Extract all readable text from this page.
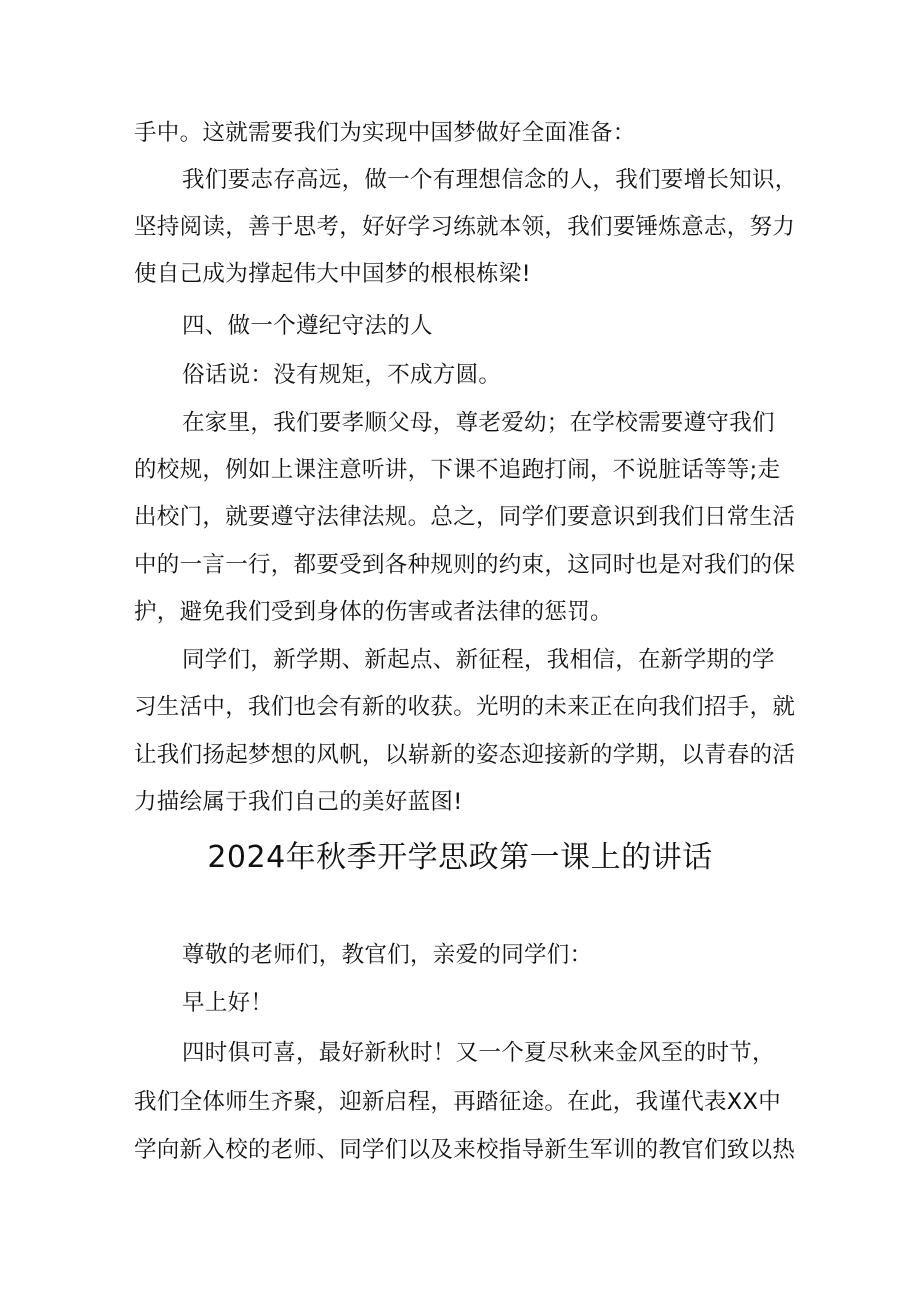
手中。这就需要我们为实现中国梦做好全面准备：
我们要志存高远，做一个有理想信念的人，我们要增长知识，
坚持阅读，善于思考，好好学习练就本领，我们要锤炼意志，努力
使自己成为撑起伟大中国梦的根根栋梁!
四、做一个遵纪守法的人
俗话说：没有规矩，不成方圆。
在家里，我们要孝顺父母，尊老爱幼；在学校需要遵守我们
的校规，例如上课注意听讲，下课不追跑打闹，不说脏话等等;走
出校门，就要遵守法律法规。总之，同学们要意识到我们日常生活
中的一言一行，都要受到各种规则的约束，这同时也是对我们的保
护，避免我们受到身体的伤害或者法律的惩罚。
同学们，新学期、新起点、新征程，我相信，在新学期的学
习生活中，我们也会有新的收获。光明的未来正在向我们招手，就
让我们扬起梦想的风帆，以崭新的姿态迎接新的学期，以青春的活
力描绘属于我们自己的美好蓝图!
2024年秋季开学思政第一课上的讲话
尊敬的老师们，教官们，亲爱的同学们：
早上好！
四时俱可喜，最好新秋时！又一个夏尽秋来金风至的时节，
我们全体师生齐聚，迎新启程，再踏征途。在此，我谨代表XX中
学向新入校的老师、同学们以及来校指导新生军训的教官们致以热
